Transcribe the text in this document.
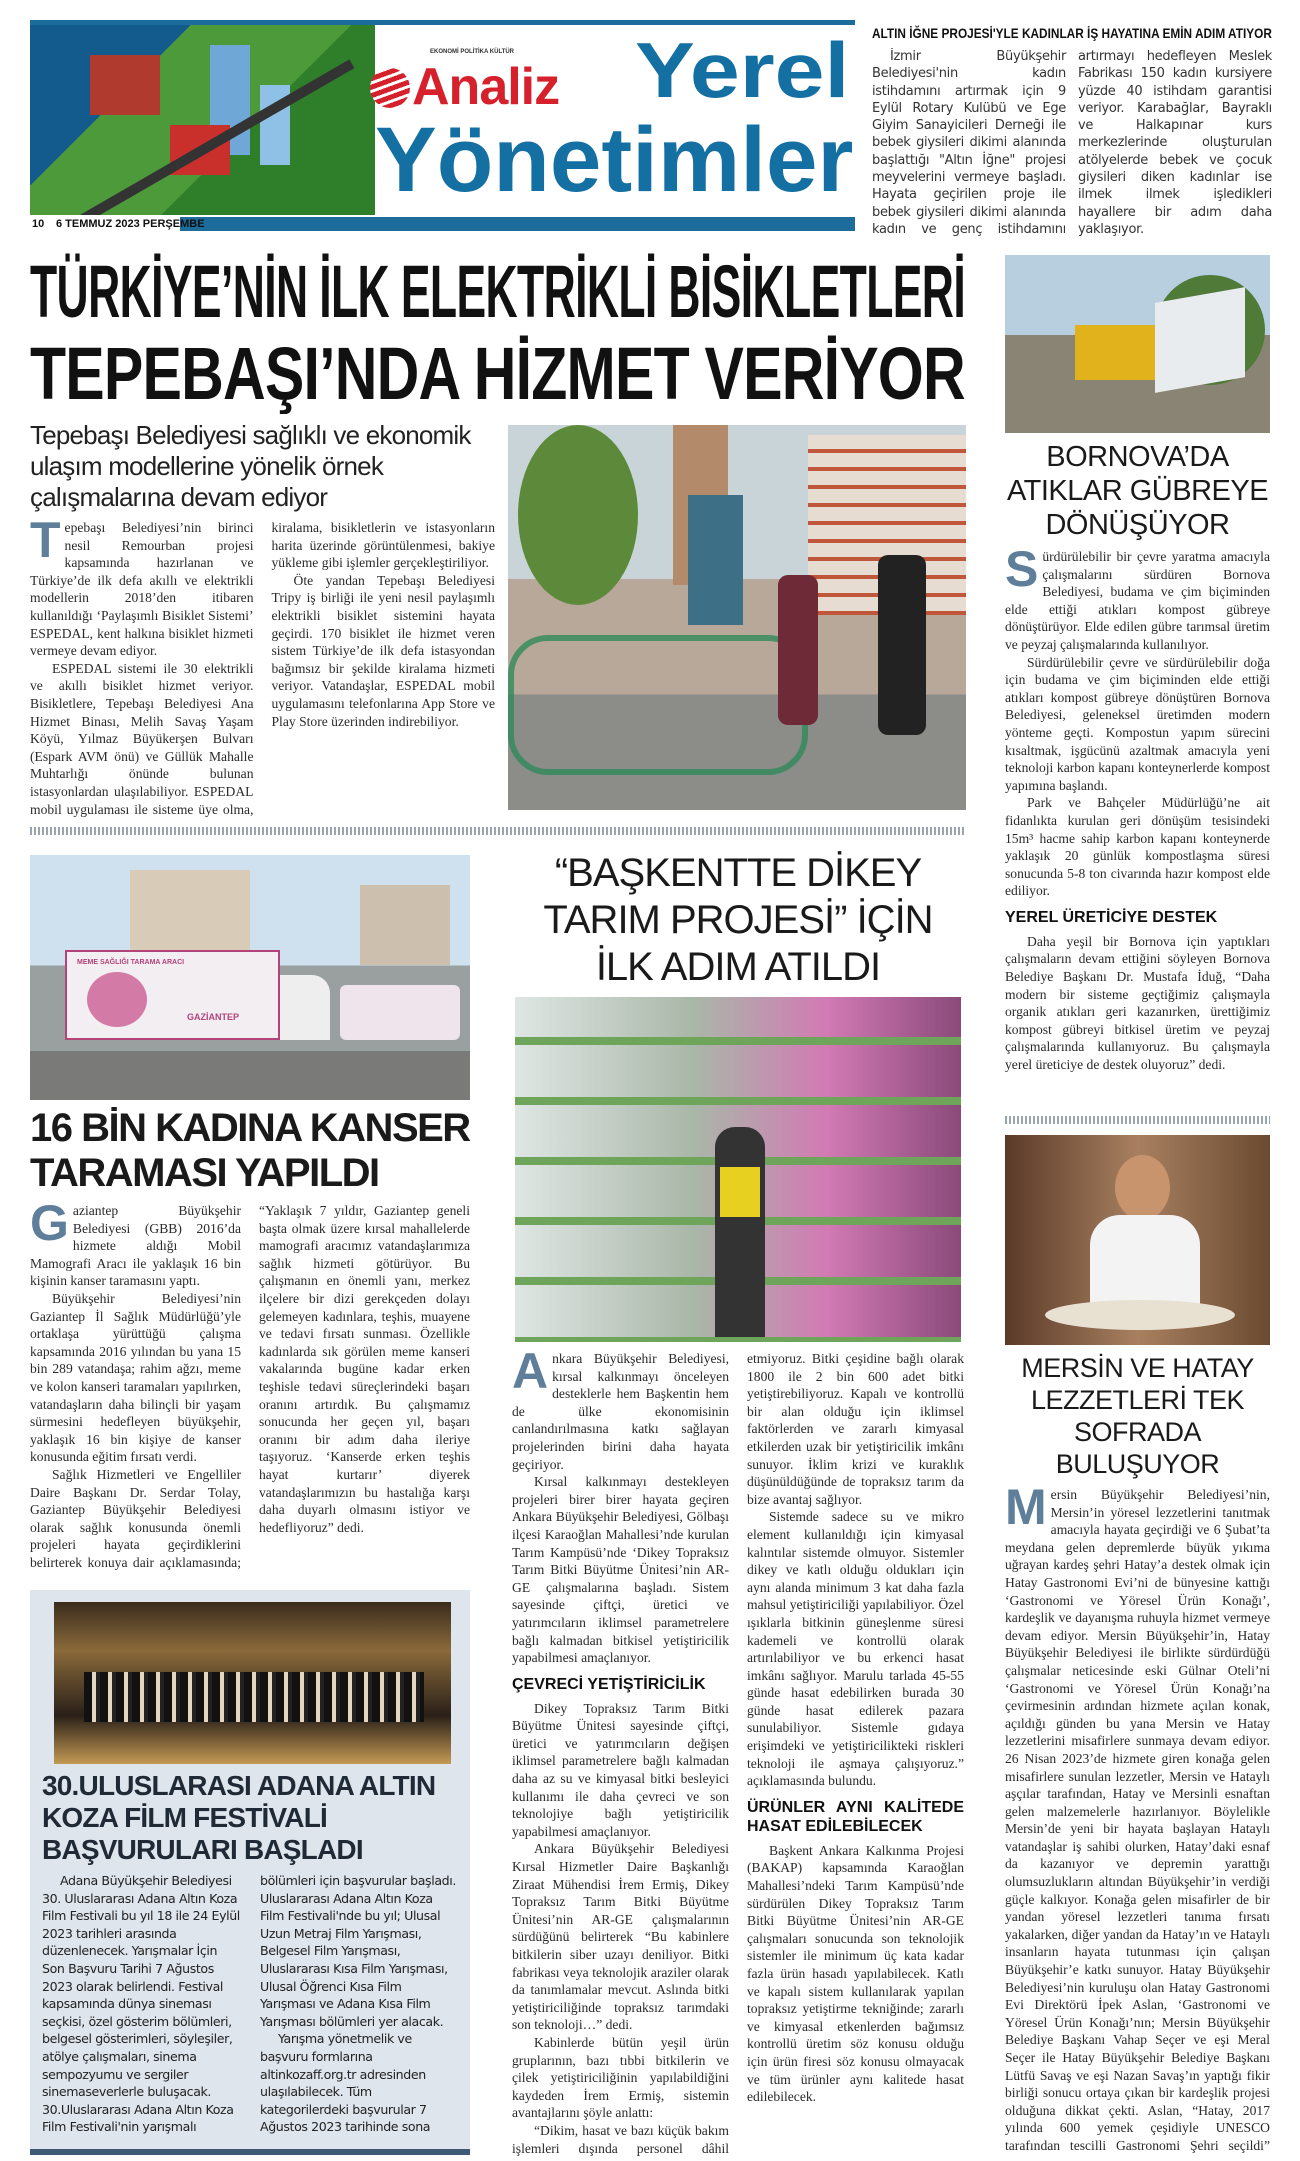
EKONOMİ POLİTİKA KÜLTÜR
Analiz Yerel
Yönetimler
10 6 TEMMUZ 2023 PERŞEMBE
ALTIN İĞNE PROJESİ'YLE KADINLAR İŞ HAYATINA EMİN ADIM ATIYOR
İzmir Büyükşehir Belediyesi'nin kadın istihdamını artırmak için 9 Eylül Rotary Kulübü ve Ege Giyim Sanayicileri Derneği ile bebek giysileri dikimi alanında başlattığı "Altın İğne" projesi meyvelerini vermeye başladı. Hayata geçirilen proje ile bebek giysileri dikimi alanında kadın ve genç istihdamını artırmayı hedefleyen Meslek Fabrikası 150 kadın kursiyere yüzde 40 istihdam garantisi veriyor. Karabağlar, Bayraklı ve Halkapınar kurs merkezlerinde oluşturulan atölyelerde bebek ve çocuk giysileri diken kadınlar ise ilmek ilmek işledikleri hayallere bir adım daha yaklaşıyor.
TÜRKİYE’NİN İLK ELEKTRİKLİ BİSİKLETLERİ
TEPEBAŞI’NDA HİZMET VERİYOR
Tepebaşı Belediyesi sağlıklı ve ekonomik ulaşım modellerine yönelik örnek çalışmalarına devam ediyor

Tepebaşı Belediyesi’nin birinci nesil Remourban projesi kapsamında hazırlanan ve Türkiye’de ilk defa akıllı ve elektrikli modellerin 2018’den itibaren kullanıldığı ‘Paylaşımlı Bisiklet Sistemi’ ESPEDAL, kent halkına bisiklet hizmeti vermeye devam ediyor.

ESPEDAL sistemi ile 30 elektrikli ve akıllı bisiklet hizmet veriyor. Bisikletlere, Tepebaşı Belediyesi Ana Hizmet Binası, Melih Savaş Yaşam Köyü, Yılmaz Büyükerşen Bulvarı (Espark AVM önü) ve Güllük Mahalle Muhtarlığı önünde bulunan istasyonlardan ulaşılabiliyor. ESPEDAL mobil uygulaması ile sisteme üye olma, kiralama, bisikletlerin ve istasyonların harita üzerinde görüntülenmesi, bakiye yükleme gibi işlemler gerçekleştiriliyor.

Öte yandan Tepebaşı Belediyesi Tripy iş birliği ile yeni nesil paylaşımlı elektrikli bisiklet sistemini hayata geçirdi. 170 bisiklet ile hizmet veren sistem Türkiye’de ilk defa istasyondan bağımsız bir şekilde kiralama hizmeti veriyor. Vatandaşlar, ESPEDAL mobil uygulamasını telefonlarına App Store ve Play Store üzerinden indirebiliyor.

BORNOVA’DA ATIKLAR GÜBREYE DÖNÜŞÜYOR

Sürdürülebilir bir çevre yaratma amacıyla çalışmalarını sürdüren Bornova Belediyesi, budama ve çim biçiminden elde ettiği atıkları kompost gübreye dönüştürüyor. Elde edilen gübre tarımsal üretim ve peyzaj çalışmalarında kullanılıyor.

Sürdürülebilir çevre ve sürdürülebilir doğa için budama ve çim biçiminden elde ettiği atıkları kompost gübreye dönüştüren Bornova Belediyesi, geleneksel üretimden modern yönteme geçti. Kompostun yapım sürecini kısaltmak, işgücünü azaltmak amacıyla yeni teknoloji karbon kapanı konteynerlerde kompost yapımına başlandı.

Park ve Bahçeler Müdürlüğü’ne ait fidanlıkta kurulan geri dönüşüm tesisindeki 15m³ hacme sahip karbon kapanı konteynerde yaklaşık 20 günlük kompostlaşma süresi sonucunda 5-8 ton civarında hazır kompost elde ediliyor.

YEREL ÜRETİCİYE DESTEK

Daha yeşil bir Bornova için yaptıkları çalışmaların devam ettiğini söyleyen Bornova Belediye Başkanı Dr. Mustafa İduğ, “Daha modern bir sisteme geçtiğimiz çalışmayla organik atıkları geri kazanırken, ürettiğimiz kompost gübreyi bitkisel üretim ve peyzaj çalışmalarında kullanıyoruz. Bu çalışmayla yerel üreticiye de destek oluyoruz” dedi.

MEME SAĞLIĞI TARAMA ARACI
GAZİANTEP
16 BİN KADINA KANSER TARAMASI YAPILDI

Gaziantep Büyükşehir Belediyesi (GBB) 2016’da hizmete aldığı Mobil Mamografi Aracı ile yaklaşık 16 bin kişinin kanser taramasını yaptı.

Büyükşehir Belediyesi’nin Gaziantep İl Sağlık Müdürlüğü’yle ortaklaşa yürüttüğü çalışma kapsamında 2016 yılından bu yana 15 bin 289 vatandaşa; rahim ağzı, meme ve kolon kanseri taramaları yapılırken, vatandaşların daha bilinçli bir yaşam sürmesini hedefleyen büyükşehir, yaklaşık 16 bin kişiye de kanser konusunda eğitim fırsatı verdi.

Sağlık Hizmetleri ve Engelliler Daire Başkanı Dr. Serdar Tolay, Gaziantep Büyükşehir Belediyesi olarak sağlık konusunda önemli projeleri hayata geçirdiklerini belirterek konuya dair açıklamasında; “Yaklaşık 7 yıldır, Gaziantep geneli başta olmak üzere kırsal mahallelerde mamografi aracımız vatandaşlarımıza sağlık hizmeti götürüyor. Bu çalışmanın en önemli yanı, merkez ilçelere bir dizi gerekçeden dolayı gelemeyen kadınlara, teşhis, muayene ve tedavi fırsatı sunması. Özellikle kadınlarda sık görülen meme kanseri vakalarında bugüne kadar erken teşhisle tedavi süreçlerindeki başarı oranını artırdık. Bu çalışmamız sonucunda her geçen yıl, başarı oranını bir adım daha ileriye taşıyoruz. ‘Kanserde erken teşhis hayat kurtarır’ diyerek vatandaşlarımızın bu hastalığa karşı daha duyarlı olmasını istiyor ve hedefliyoruz” dedi.

30.ULUSLARASI ADANA ALTIN KOZA FİLM FESTİVALİ BAŞVURULARI BAŞLADI

Adana Büyükşehir Belediyesi 30. Uluslararası Adana Altın Koza Film Festivali bu yıl 18 ile 24 Eylül 2023 tarihleri arasında düzenlenecek. Yarışmalar İçin Son Başvuru Tarihi 7 Ağustos 2023 olarak belirlendi. Festival kapsamında dünya sineması seçkisi, özel gösterim bölümleri, belgesel gösterimleri, söyleşiler, atölye çalışmaları, sinema sempozyumu ve sergiler sinemaseverlerle buluşacak. 30.Uluslararası Adana Altın Koza Film Festivali'nin yarışmalı bölümleri için başvurular başladı. Uluslararası Adana Altın Koza Film Festivali'nde bu yıl; Ulusal Uzun Metraj Film Yarışması, Belgesel Film Yarışması, Uluslararası Kısa Film Yarışması, Ulusal Öğrenci Kısa Film Yarışması ve Adana Kısa Film Yarışması bölümleri yer alacak.

Yarışma yönetmelik ve başvuru formlarına altinkozaff.org.tr adresinden ulaşılabilecek. Tüm kategorilerdeki başvurular 7 Ağustos 2023 tarihinde sona

“BAŞKENTTE DİKEY TARIM PROJESİ” İÇİN İLK ADIM ATILDI

Ankara Büyükşehir Belediyesi, kırsal kalkınmayı önceleyen desteklerle hem Başkentin hem de ülke ekonomisinin canlandırılmasına katkı sağlayan projelerinden birini daha hayata geçiriyor.

Kırsal kalkınmayı destekleyen projeleri birer birer hayata geçiren Ankara Büyükşehir Belediyesi, Gölbaşı ilçesi Karaoğlan Mahallesi’nde kurulan Tarım Kampüsü’nde ‘Dikey Topraksız Tarım Bitki Büyütme Ünitesi’nin AR-GE çalışmalarına başladı. Sistem sayesinde çiftçi, üretici ve yatırımcıların iklimsel parametrelere bağlı kalmadan bitkisel yetiştiricilik yapabilmesi amaçlanıyor.

ÇEVRECİ YETİŞTİRİCİLİK

Dikey Topraksız Tarım Bitki Büyütme Ünitesi sayesinde çiftçi, üretici ve yatırımcıların değişen iklimsel parametrelere bağlı kalmadan daha az su ve kimyasal bitki besleyici kullanımı ile daha çevreci ve son teknolojiye bağlı yetiştiricilik yapabilmesi amaçlanıyor.

Ankara Büyükşehir Belediyesi Kırsal Hizmetler Daire Başkanlığı Ziraat Mühendisi İrem Ermiş, Dikey Topraksız Tarım Bitki Büyütme Ünitesi’nin AR-GE çalışmalarının sürdüğünü belirterek “Bu kabinlere bitkilerin siber uzayı deniliyor. Bitki fabrikası veya teknolojik araziler olarak da tanımlamalar mevcut. Aslında bitki yetiştiriciliğinde topraksız tarımdaki son teknoloji…” dedi.

Kabinlerde bütün yeşil ürün gruplarının, bazı tıbbi bitkilerin ve çilek yetiştiriciliğinin yapılabildiğini kaydeden İrem Ermiş, sistemin avantajlarını şöyle anlattı:

“Dikim, hasat ve bazı küçük bakım işlemleri dışında personel dâhil etmiyoruz. Bitki çeşidine bağlı olarak 1800 ile 2 bin 600 adet bitki yetiştirebiliyoruz. Kapalı ve kontrollü bir alan olduğu için iklimsel faktörlerden ve zararlı kimyasal etkilerden uzak bir yetiştiricilik imkânı sunuyor. İklim krizi ve kuraklık düşünüldüğünde de topraksız tarım da bize avantaj sağlıyor.

Sistemde sadece su ve mikro element kullanıldığı için kimyasal kalıntılar sistemde olmuyor. Sistemler dikey ve katlı olduğu oldukları için aynı alanda minimum 3 kat daha fazla mahsul yetiştiriciliği yapılabiliyor. Özel ışıklarla bitkinin güneşlenme süresi kademeli ve kontrollü olarak artırılabiliyor ve bu erkenci hasat imkânı sağlıyor. Marulu tarlada 45-55 günde hasat edebilirken burada 30 günde hasat edilerek pazara sunulabiliyor. Sistemle gıdaya erişimdeki ve yetiştiricilikteki riskleri teknoloji ile aşmaya çalışıyoruz.” açıklamasında bulundu.

ÜRÜNLER AYNI KALİTEDE HASAT EDİLEBİLECEK

Başkent Ankara Kalkınma Projesi (BAKAP) kapsamında Karaoğlan Mahallesi’ndeki Tarım Kampüsü’nde sürdürülen Dikey Topraksız Tarım Bitki Büyütme Ünitesi’nin AR-GE çalışmaları sonucunda son teknolojik sistemler ile minimum üç kata kadar fazla ürün hasadı yapılabilecek. Katlı ve kapalı sistem kullanılarak yapılan topraksız yetiştirme tekniğinde; zararlı ve kimyasal etkenlerden bağımsız kontrollü üretim söz konusu olduğu için ürün firesi söz konusu olmayacak ve tüm ürünler aynı kalitede hasat edilebilecek.

MERSİN VE HATAY LEZZETLERİ TEK SOFRADA BULUŞUYOR

Mersin Büyükşehir Belediyesi’nin, Mersin’in yöresel lezzetlerini tanıtmak amacıyla hayata geçirdiği ve 6 Şubat’ta meydana gelen depremlerde büyük yıkıma uğrayan kardeş şehri Hatay’a destek olmak için Hatay Gastronomi Evi’ni de bünyesine kattığı ‘Gastronomi ve Yöresel Ürün Konağı’, kardeşlik ve dayanışma ruhuyla hizmet vermeye devam ediyor. Mersin Büyükşehir’in, Hatay Büyükşehir Belediyesi ile birlikte sürdürdüğü çalışmalar neticesinde eski Gülnar Oteli’ni ‘Gastronomi ve Yöresel Ürün Konağı’na çevirmesinin ardından hizmete açılan konak, açıldığı günden bu yana Mersin ve Hatay lezzetlerini misafirlere sunmaya devam ediyor. 26 Nisan 2023’de hizmete giren konağa gelen misafirlere sunulan lezzetler, Mersin ve Hataylı aşçılar tarafından, Hatay ve Mersinli esnaftan gelen malzemelerle hazırlanıyor. Böylelikle Mersin’de yeni bir hayata başlayan Hataylı vatandaşlar iş sahibi olurken, Hatay’daki esnaf da kazanıyor ve depremin yarattığı olumsuzlukların altından Büyükşehir’in verdiği güçle kalkıyor. Konağa gelen misafirler de bir yandan yöresel lezzetleri tanıma fırsatı yakalarken, diğer yandan da Hatay’ın ve Hataylı insanların hayata tutunması için çalışan Büyükşehir’e katkı sunuyor. Hatay Büyükşehir Belediyesi’nin kuruluşu olan Hatay Gastronomi Evi Direktörü İpek Aslan, ‘Gastronomi ve Yöresel Ürün Konağı’nın; Mersin Büyükşehir Belediye Başkanı Vahap Seçer ve eşi Meral Seçer ile Hatay Büyükşehir Belediye Başkanı Lütfü Savaş ve eşi Nazan Savaş’ın yaptığı fikir birliği sonucu ortaya çıkan bir kardeşlik projesi olduğuna dikkat çekti. Aslan, “Hatay, 2017 yılında 600 yemek çeşidiyle UNESCO tarafından tescilli Gastronomi Şehri seçildi”
